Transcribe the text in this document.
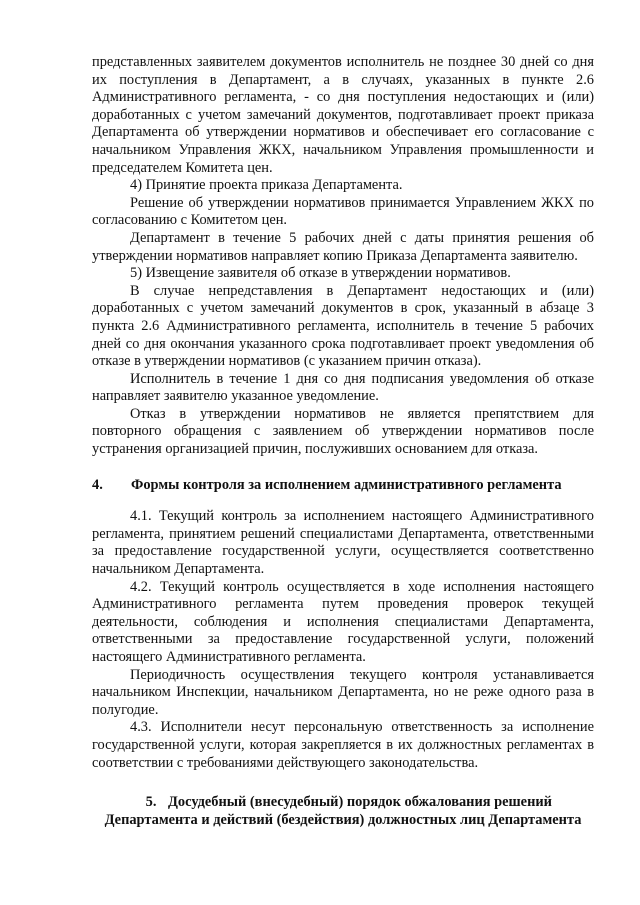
представленных заявителем документов исполнитель не позднее 30 дней со дня их поступления в Департамент, а в случаях, указанных в пункте 2.6 Административного регламента, - со дня поступления недостающих и (или) доработанных с учетом замечаний документов, подготавливает проект приказа Департамента об утверждении нормативов и обеспечивает его согласование с начальником Управления ЖКХ, начальником Управления промышленности и председателем Комитета цен.

4) Принятие проекта приказа Департамента.

Решение об утверждении нормативов принимается Управлением ЖКХ по согласованию с Комитетом цен.

Департамент в течение 5 рабочих дней с даты принятия решения об утверждении нормативов направляет копию Приказа Департамента заявителю.

5) Извещение заявителя об отказе в утверждении нормативов.

В случае непредставления в Департамент недостающих и (или) доработанных с учетом замечаний документов в срок, указанный в абзаце 3 пункта 2.6 Административного регламента, исполнитель в течение 5 рабочих дней со дня окончания указанного срока подготавливает проект уведомления об отказе в утверждении нормативов (с указанием причин отказа).

Исполнитель в течение 1 дня со дня подписания уведомления об отказе направляет заявителю указанное уведомление.

Отказ в утверждении нормативов не является препятствием для повторного обращения с заявлением об утверждении нормативов после устранения организацией причин, послуживших основанием для отказа.

4.	Формы контроля за исполнением административного регламента

4.1. Текущий контроль за исполнением настоящего Административного регламента, принятием решений специалистами Департамента, ответственными за предоставление государственной услуги, осуществляется соответственно начальником Департамента.

4.2. Текущий контроль осуществляется в ходе исполнения настоящего Административного регламента путем проведения проверок текущей деятельности, соблюдения и исполнения специалистами Департамента, ответственными за предоставление государственной услуги, положений настоящего Административного регламента.

Периодичность осуществления текущего контроля устанавливается начальником Инспекции, начальником Департамента, но не реже одного раза в полугодие.

4.3. Исполнители несут персональную ответственность за исполнение государственной услуги, которая закрепляется в их должностных регламентах в соответствии с требованиями действующего законодательства.

5. Досудебный (внесудебный) порядок обжалования решений
Департамента и действий (бездействия) должностных лиц Департамента
